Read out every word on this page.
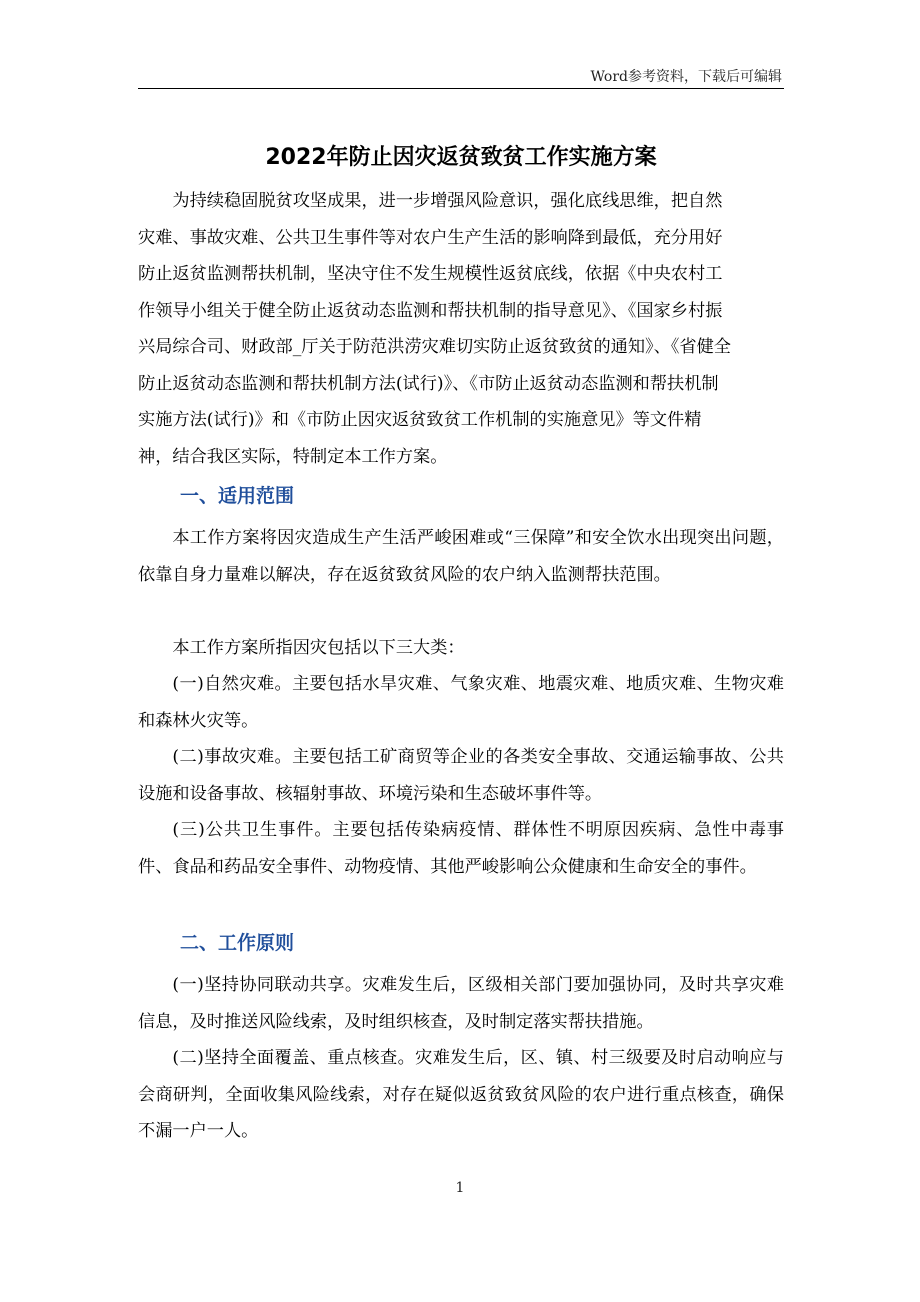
Word参考资料，下载后可编辑
2022年防止因灾返贫致贫工作实施方案
为持续稳固脱贫攻坚成果，进一步增强风险意识，强化底线思维，把自然
灾难、事故灾难、公共卫生事件等对农户生产生活的影响降到最低，充分用好
防止返贫监测帮扶机制，坚决守住不发生规模性返贫底线，依据《中央农村工
作领导小组关于健全防止返贫动态监测和帮扶机制的指导意见》、《国家乡村振
兴局综合司、财政部_厅关于防范洪涝灾难切实防止返贫致贫的通知》、《省健全
防止返贫动态监测和帮扶机制方法(试行)》、《市防止返贫动态监测和帮扶机制
实施方法(试行)》和《市防止因灾返贫致贫工作机制的实施意见》等文件精
神，结合我区实际，特制定本工作方案。
一、适用范围
本工作方案将因灾造成生产生活严峻困难或“三保障”和安全饮水出现突出问题，依靠自身力量难以解决，存在返贫致贫风险的农户纳入监测帮扶范围。
本工作方案所指因灾包括以下三大类：
(一)自然灾难。主要包括水旱灾难、气象灾难、地震灾难、地质灾难、生物灾难和森林火灾等。
(二)事故灾难。主要包括工矿商贸等企业的各类安全事故、交通运输事故、公共设施和设备事故、核辐射事故、环境污染和生态破坏事件等。
(三)公共卫生事件。主要包括传染病疫情、群体性不明原因疾病、急性中毒事件、食品和药品安全事件、动物疫情、其他严峻影响公众健康和生命安全的事件。
二、工作原则
(一)坚持协同联动共享。灾难发生后，区级相关部门要加强协同，及时共享灾难信息，及时推送风险线索，及时组织核查，及时制定落实帮扶措施。
(二)坚持全面覆盖、重点核查。灾难发生后，区、镇、村三级要及时启动响应与会商研判，全面收集风险线索，对存在疑似返贫致贫风险的农户进行重点核查，确保不漏一户一人。
1
